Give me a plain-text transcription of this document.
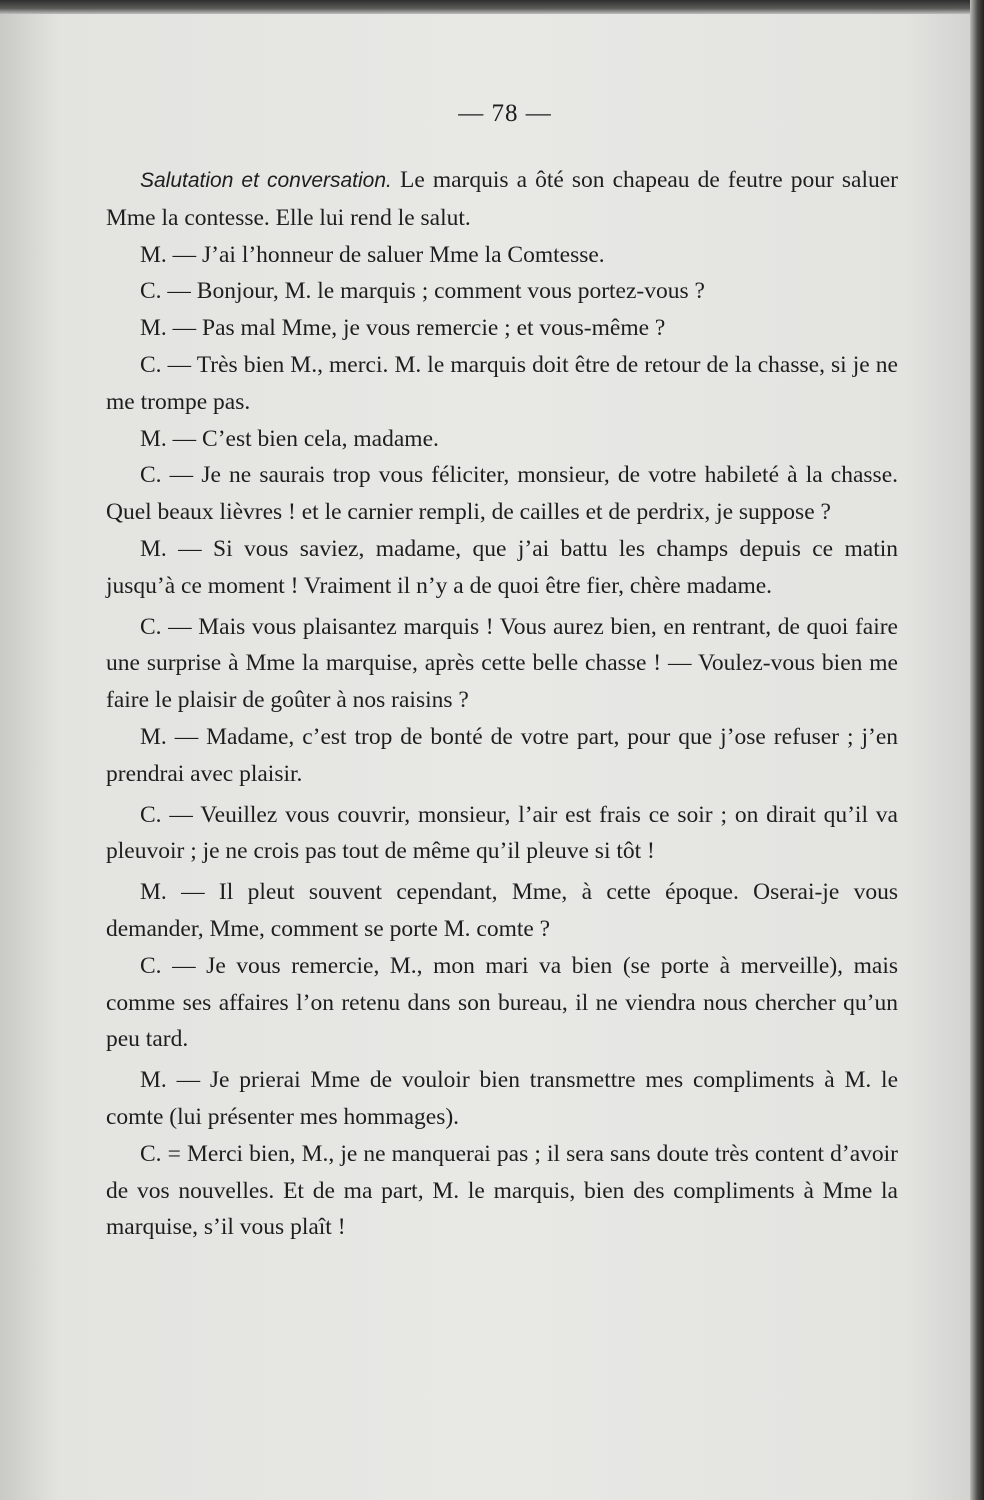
— 78 —

Salutation et conversation. Le marquis a ôté son chapeau de feutre pour saluer Mme la contesse. Elle lui rend le salut.

M. — J’ai l’honneur de saluer Mme la Comtesse.

C. — Bonjour, M. le marquis ; comment vous portez-vous ?

M. — Pas mal Mme, je vous remercie ; et vous-même ?

C. — Très bien M., merci. M. le marquis doit être de retour de la chasse, si je ne me trompe pas.

M. — C’est bien cela, madame.

C. — Je ne saurais trop vous féliciter, monsieur, de votre habileté à la chasse. Quel beaux lièvres ! et le carnier rempli, de cailles et de perdrix, je suppose ?

M. — Si vous saviez, madame, que j’ai battu les champs depuis ce matin jusqu’à ce moment ! Vraiment il n’y a de quoi être fier, chère madame.

C. — Mais vous plaisantez marquis ! Vous aurez bien, en rentrant, de quoi faire une surprise à Mme la marquise, après cette belle chasse ! — Voulez-vous bien me faire le plaisir de goûter à nos raisins ?

M. — Madame, c’est trop de bonté de votre part, pour que j’ose refuser ; j’en prendrai avec plaisir.

C. — Veuillez vous couvrir, monsieur, l’air est frais ce soir ; on dirait qu’il va pleuvoir ; je ne crois pas tout de même qu’il pleuve si tôt !

M. — Il pleut souvent cependant, Mme, à cette époque. Oserai-je vous demander, Mme, comment se porte M. comte ?

C. — Je vous remercie, M., mon mari va bien (se porte à merveille), mais comme ses affaires l’on retenu dans son bureau, il ne viendra nous chercher qu’un peu tard.

M. — Je prierai Mme de vouloir bien transmettre mes compliments à M. le comte (lui présenter mes hommages).

C. = Merci bien, M., je ne manquerai pas ; il sera sans doute très content d’avoir de vos nouvelles. Et de ma part, M. le marquis, bien des compliments à Mme la marquise, s’il vous plaît !
